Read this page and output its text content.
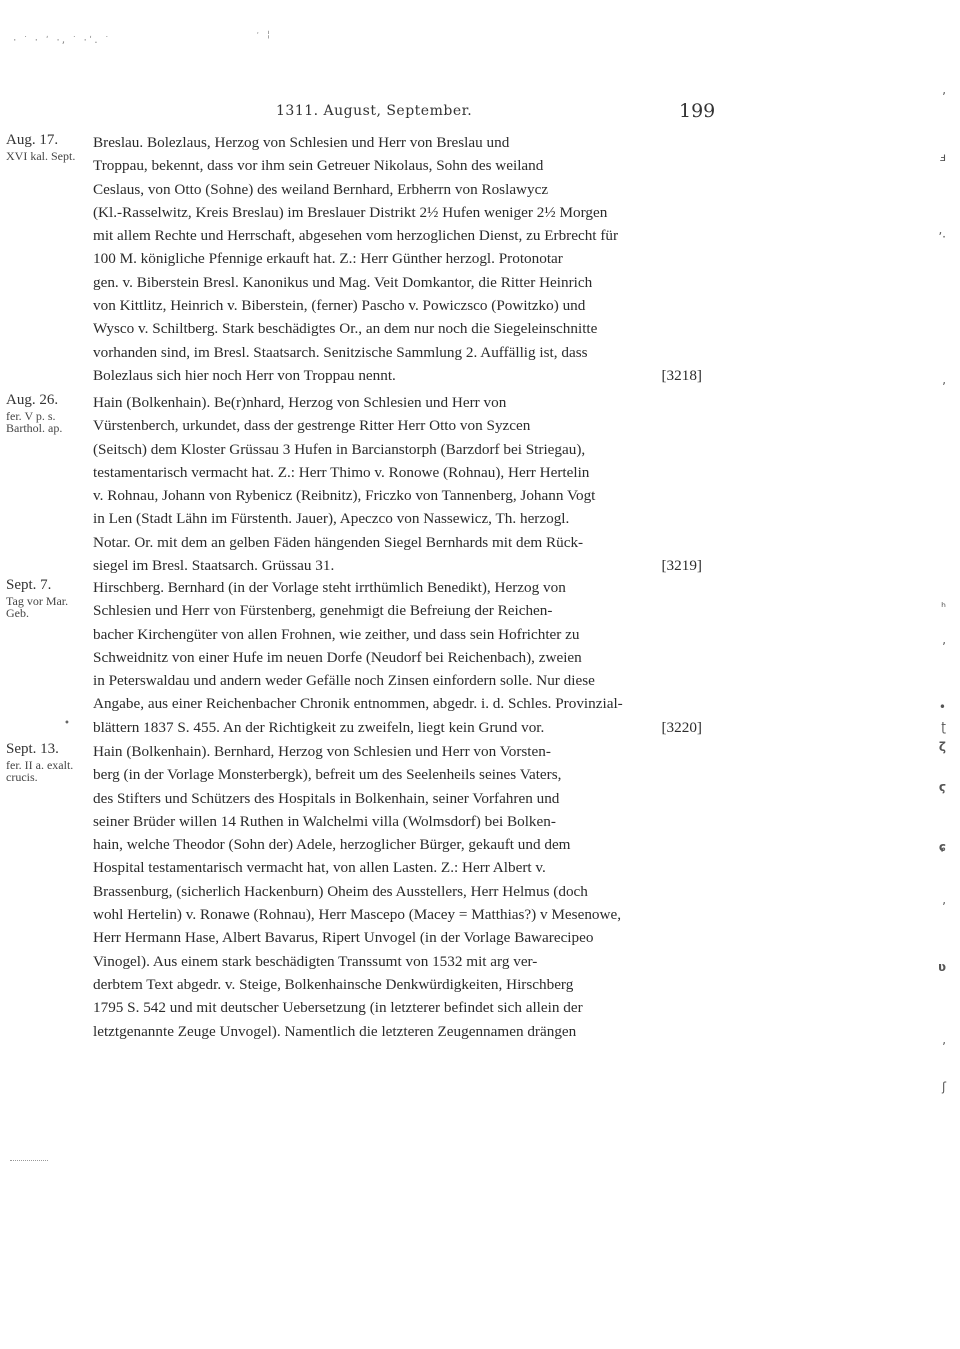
· ˙ · ʹ ·, ˙ ·ʹ. ˙
ˑ ¦
1311. August, September.	199
Aug. 17.
XVI kal. Sept.
Breslau. Bolezlaus, Herzog von Schlesien und Herr von Breslau und
Troppau, bekennt, dass vor ihm sein Getreuer Nikolaus, Sohn des weiland
Ceslaus, von Otto (Sohne) des weiland Bernhard, Erbherrn von Roslawycz
(Kl.-Rasselwitz, Kreis Breslau) im Breslauer Distrikt 2½ Hufen weniger 2½ Morgen
mit allem Rechte und Herrschaft, abgesehen vom herzoglichen Dienst, zu Erbrecht für
100 M. königliche Pfennige erkauft hat. Z.: Herr Günther herzogl. Protonotar
gen. v. Biberstein Bresl. Kanonikus und Mag. Veit Domkantor, die Ritter Heinrich
von Kittlitz, Heinrich v. Biberstein, (ferner) Pascho v. Powiczsco (Powitzko) und
Wysco v. Schiltberg. Stark beschädigtes Or., an dem nur noch die Siegeleinschnitte
vorhanden sind, im Bresl. Staatsarch. Senitzische Sammlung 2. Auffällig ist, dass
Bolezlaus sich hier noch Herr von Troppau nennt.	[3218]
Aug. 26.
fer. V p. s. Barthol. ap.
Hain (Bolkenhain). Be(r)nhard, Herzog von Schlesien und Herr von
Vürstenberch, urkundet, dass der gestrenge Ritter Herr Otto von Syzcen
(Seitsch) dem Kloster Grüssau 3 Hufen in Barcianstorph (Barzdorf bei Striegau),
testamentarisch vermacht hat. Z.: Herr Thimo v. Ronowe (Rohnau), Herr Hertelin
v. Rohnau, Johann von Rybenicz (Reibnitz), Friczko von Tannenberg, Johann Vogt
in Len (Stadt Lähn im Fürstenth. Jauer), Apeczco von Nassewicz, Th. herzogl.
Notar. Or. mit dem an gelben Fäden hängenden Siegel Bernhards mit dem Rück-
siegel im Bresl. Staatsarch. Grüssau 31.	[3219]
Sept. 7.
Tag vor Mar. Geb.
Hirschberg. Bernhard (in der Vorlage steht irrthümlich Benedikt), Herzog von
Schlesien und Herr von Fürstenberg, genehmigt die Befreiung der Reichen-
bacher Kirchengüter von allen Frohnen, wie zeither, und dass sein Hofrichter zu
Schweidnitz von einer Hufe im neuen Dorfe (Neudorf bei Reichenbach), zweien
in Peterswaldau und andern weder Gefälle noch Zinsen einfordern solle. Nur diese
Angabe, aus einer Reichenbacher Chronik entnommen, abgedr. i. d. Schles. Provinzial-
blättern 1837 S. 455. An der Richtigkeit zu zweifeln, liegt kein Grund vor.	[3220]
•
Sept. 13.
fer. II a. exalt. crucis.
Hain (Bolkenhain). Bernhard, Herzog von Schlesien und Herr von Vorsten-
berg (in der Vorlage Monsterbergk), befreit um des Seelenheils seines Vaters,
des Stifters und Schützers des Hospitals in Bolkenhain, seiner Vorfahren und
seiner Brüder willen 14 Ruthen in Walchelmi villa (Wolmsdorf) bei Bolken-
hain, welche Theodor (Sohn der) Adele, herzoglicher Bürger, gekauft und dem
Hospital testamentarisch vermacht hat, von allen Lasten. Z.: Herr Albert v.
Brassenburg, (sicherlich Hackenburn) Oheim des Ausstellers, Herr Helmus (doch
wohl Hertelin) v. Ronawe (Rohnau), Herr Mascepo (Macey = Matthias?) v Mesenowe,
Herr Hermann Hase, Albert Bavarus, Ripert Unvogel (in der Vorlage Bawarecipeo
Vinogel). Aus einem stark beschädigten Transsumt von 1532 mit arg ver-
derbtem Text abgedr. v. Steige, Bolkenhainsche Denkwürdigkeiten, Hirschberg
1795 S. 542 und mit deutscher Uebersetzung (in letzterer befindet sich allein der
letztgenannte Zeuge Unvogel). Namentlich die letzteren Zeugennamen drängen
ʼ
ⅎ
ʼ·
ʼ
ʰ
ʼ
•
ʈ
ζ
ϛ
ɕ
ʼ
ʋ
ʼ
ʃ
